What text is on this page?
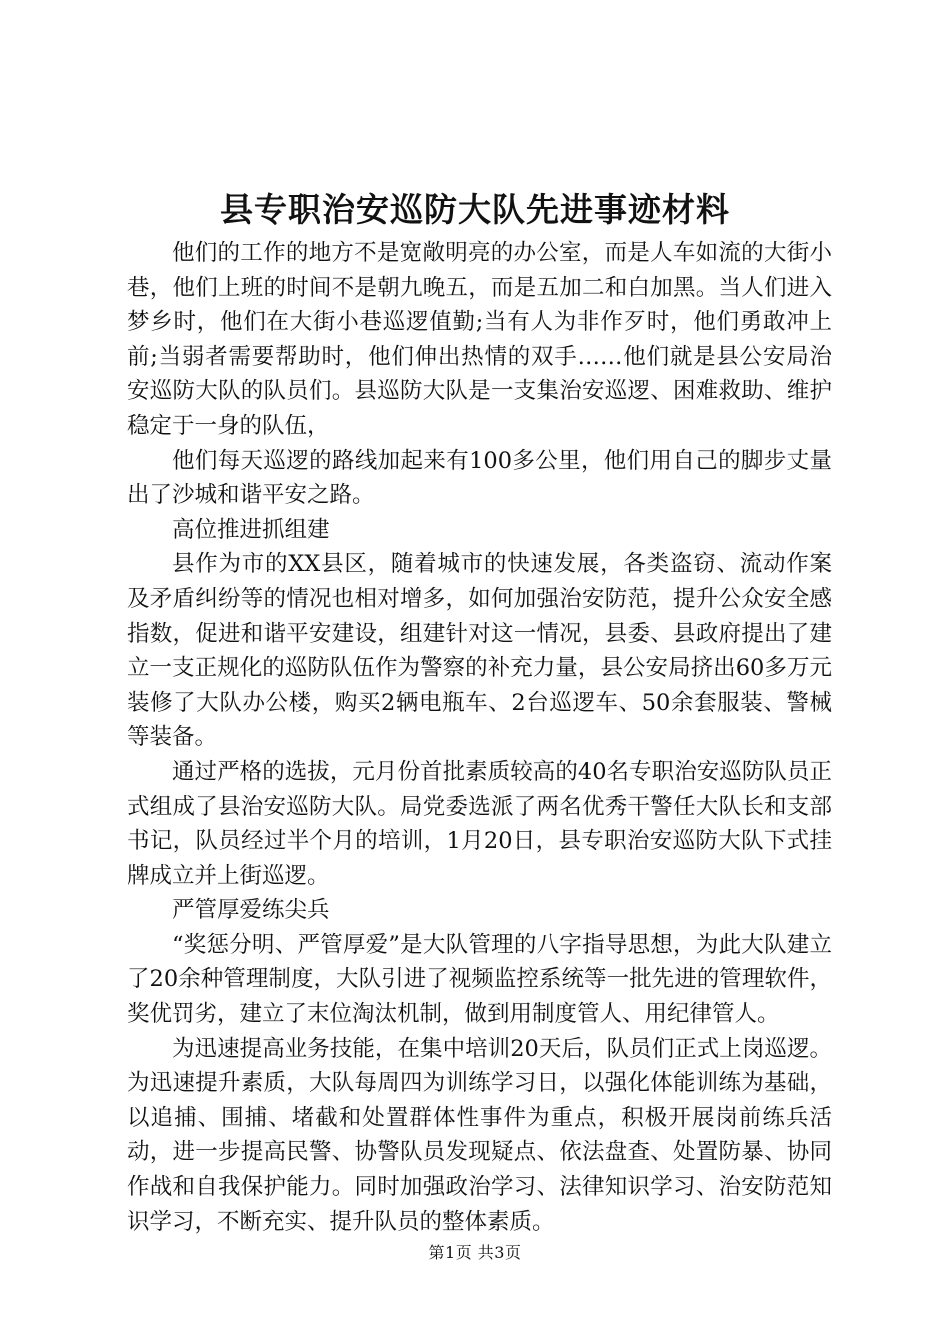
县专职治安巡防大队先进事迹材料

他们的工作的地方不是宽敞明亮的办公室，而是人车如流的大街小巷，他们上班的时间不是朝九晚五，而是五加二和白加黑。当人们进入梦乡时，他们在大街小巷巡逻值勤;当有人为非作歹时，他们勇敢冲上前;当弱者需要帮助时，他们伸出热情的双手……他们就是县公安局治安巡防大队的队员们。县巡防大队是一支集治安巡逻、困难救助、维护稳定于一身的队伍，

他们每天巡逻的路线加起来有100多公里，他们用自己的脚步丈量出了沙城和谐平安之路。

高位推进抓组建

县作为市的XX县区，随着城市的快速发展，各类盗窃、流动作案及矛盾纠纷等的情况也相对增多，如何加强治安防范，提升公众安全感指数，促进和谐平安建设，组建针对这一情况，县委、县政府提出了建立一支正规化的巡防队伍作为警察的补充力量，县公安局挤出60多万元装修了大队办公楼，购买2辆电瓶车、2台巡逻车、50余套服装、警械等装备。

通过严格的选拔，元月份首批素质较高的40名专职治安巡防队员正式组成了县治安巡防大队。局党委选派了两名优秀干警任大队长和支部书记，队员经过半个月的培训，1月20日，县专职治安巡防大队下式挂牌成立并上街巡逻。

严管厚爱练尖兵

“奖惩分明、严管厚爱”是大队管理的八字指导思想，为此大队建立了20余种管理制度，大队引进了视频监控系统等一批先进的管理软件，奖优罚劣，建立了末位淘汰机制，做到用制度管人、用纪律管人。

为迅速提高业务技能，在集中培训20天后，队员们正式上岗巡逻。为迅速提升素质，大队每周四为训练学习日，以强化体能训练为基础，以追捕、围捕、堵截和处置群体性事件为重点，积极开展岗前练兵活动，进一步提高民警、协警队员发现疑点、依法盘查、处置防暴、协同作战和自我保护能力。同时加强政治学习、法律知识学习、治安防范知识学习，不断充实、提升队员的整体素质。

第1页 共3页
